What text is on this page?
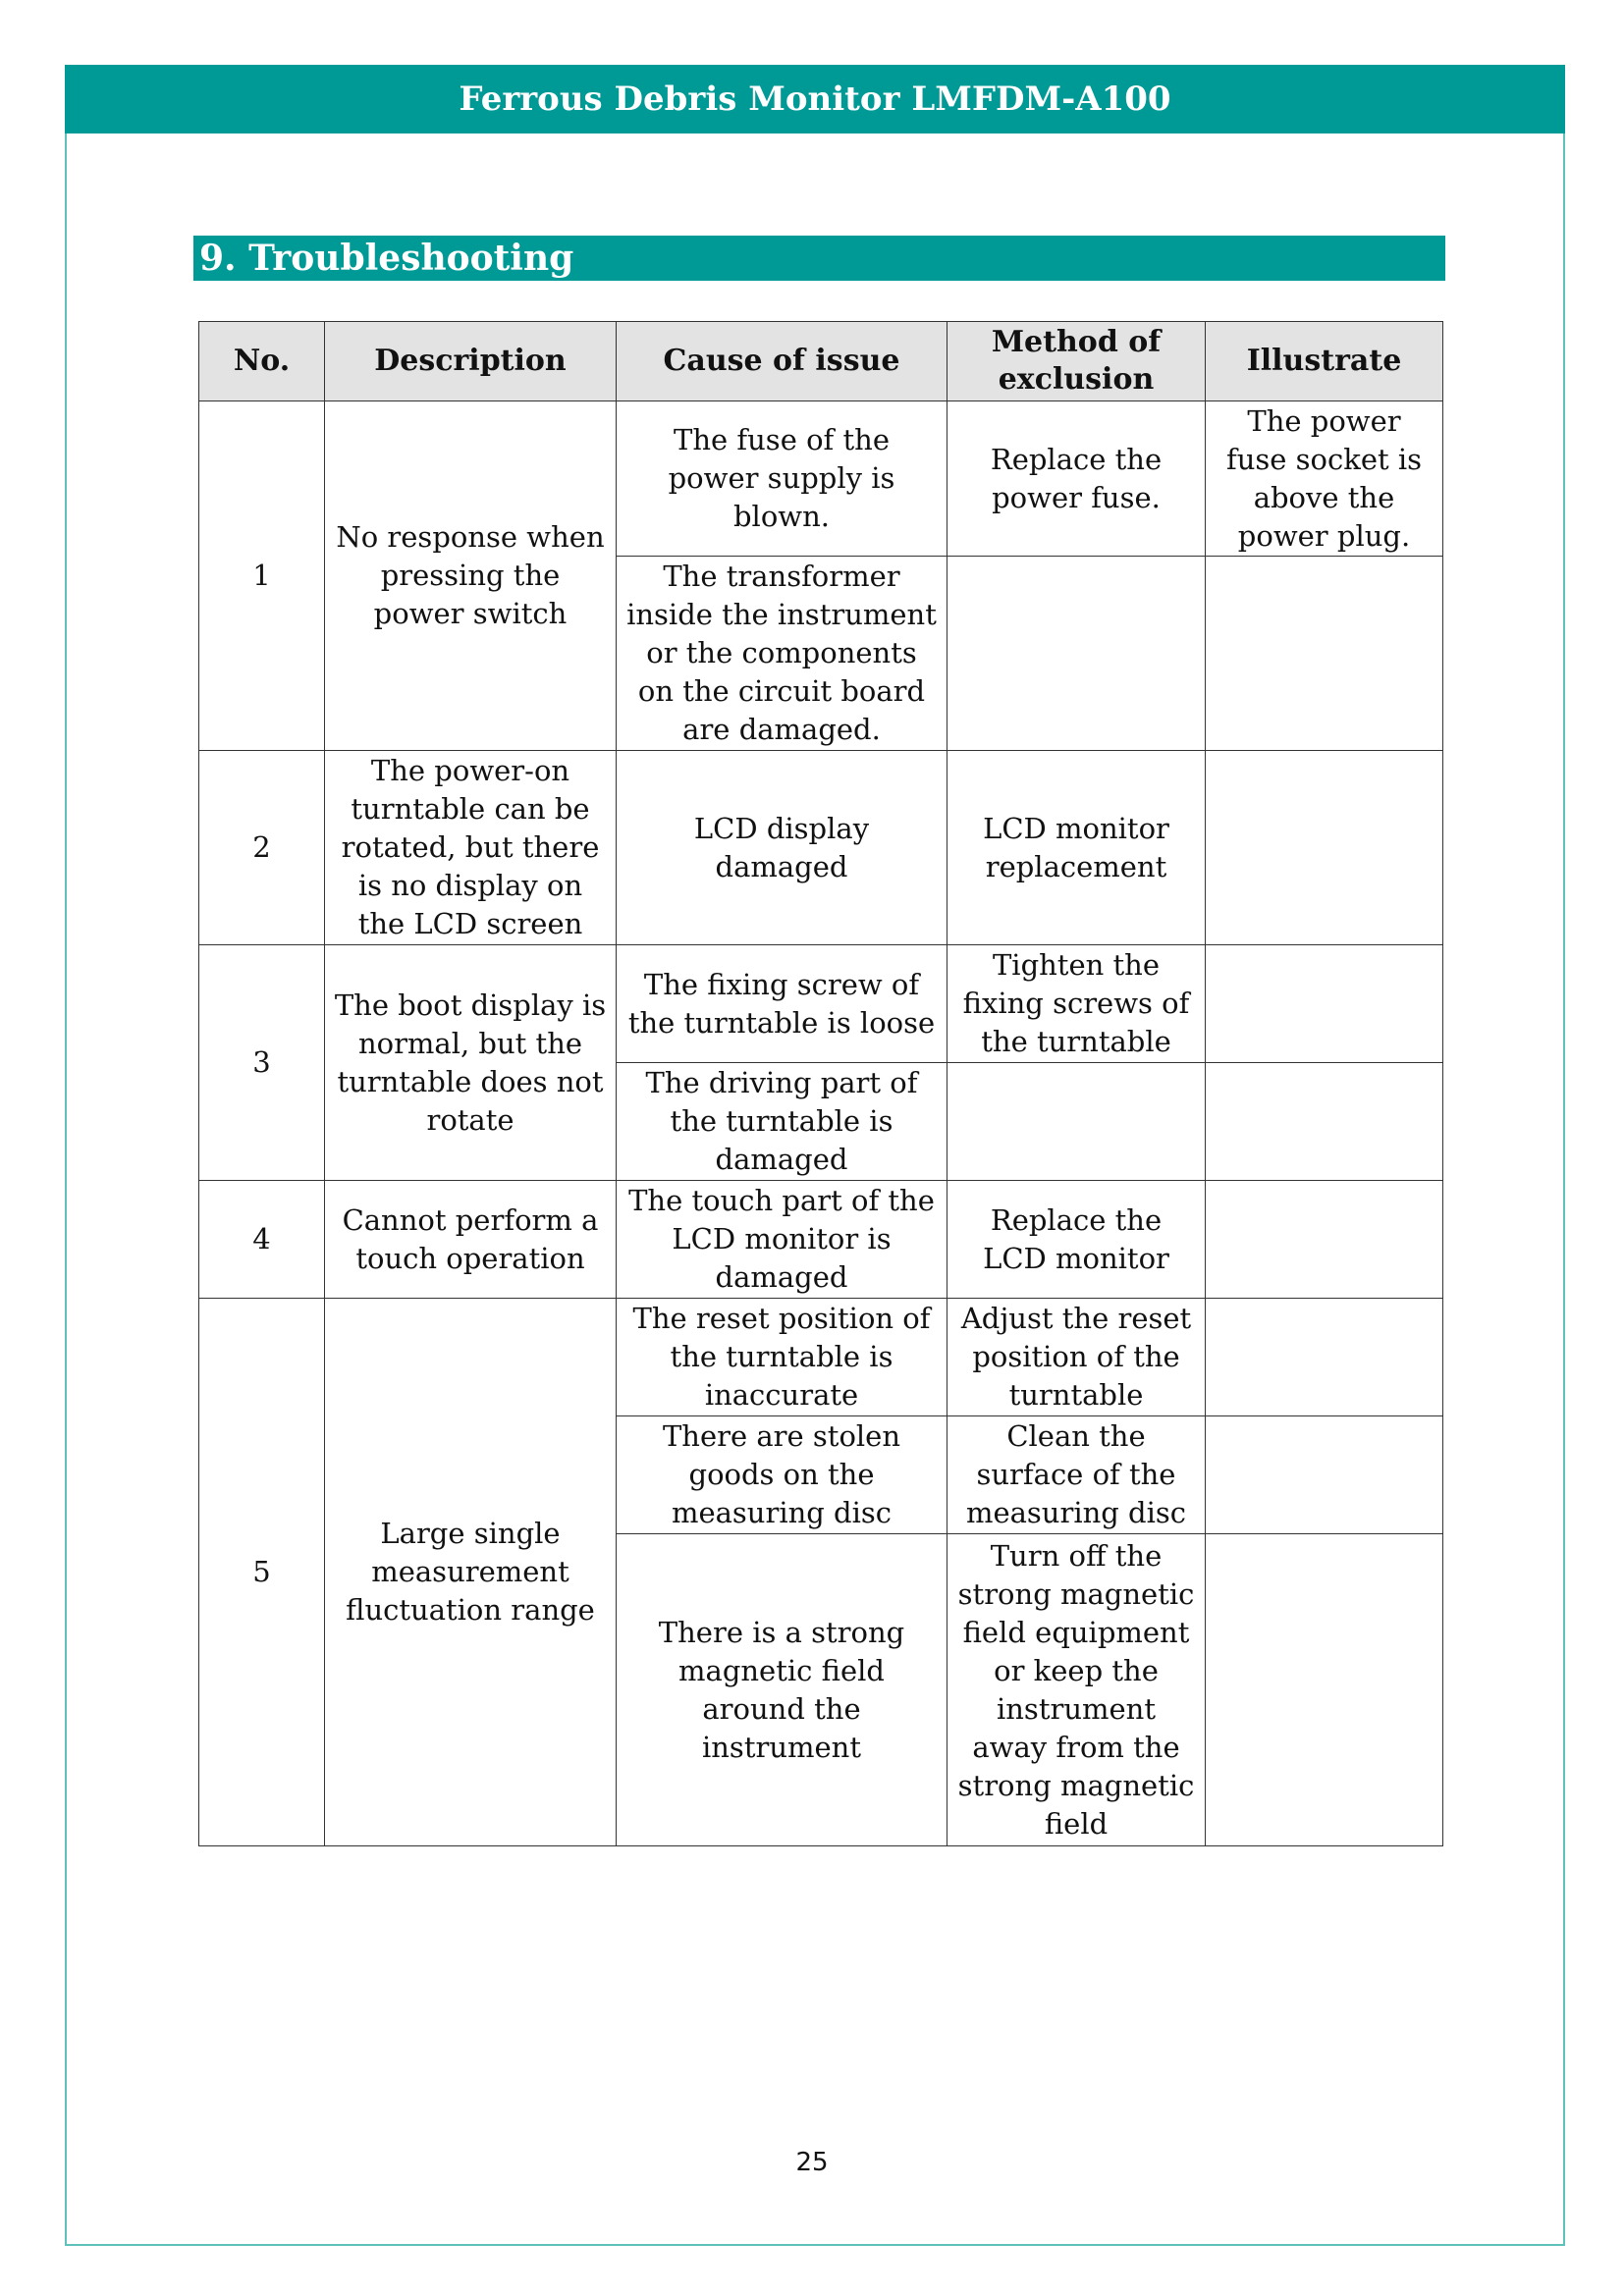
Ferrous Debris Monitor LMFDM-A100
9. Troubleshooting
No.	Description	Cause of issue	Method of exclusion	Illustrate
1	No response when pressing the power switch	The fuse of the power supply is blown.	Replace the power fuse.	The power fuse socket is above the power plug.
		The transformer inside the instrument or the components on the circuit board are damaged.		
2	The power-on turntable can be rotated, but there is no display on the LCD screen	LCD display damaged	LCD monitor replacement	
3	The boot display is normal, but the turntable does not rotate	The fixing screw of the turntable is loose	Tighten the fixing screws of the turntable	
		The driving part of the turntable is damaged		
4	Cannot perform a touch operation	The touch part of the LCD monitor is damaged	Replace the LCD monitor	
5	Large single measurement fluctuation range	The reset position of the turntable is inaccurate	Adjust the reset position of the turntable	
		There are stolen goods on the measuring disc	Clean the surface of the measuring disc	
		There is a strong magnetic field around the instrument	Turn off the strong magnetic field equipment or keep the instrument away from the strong magnetic field	
25
